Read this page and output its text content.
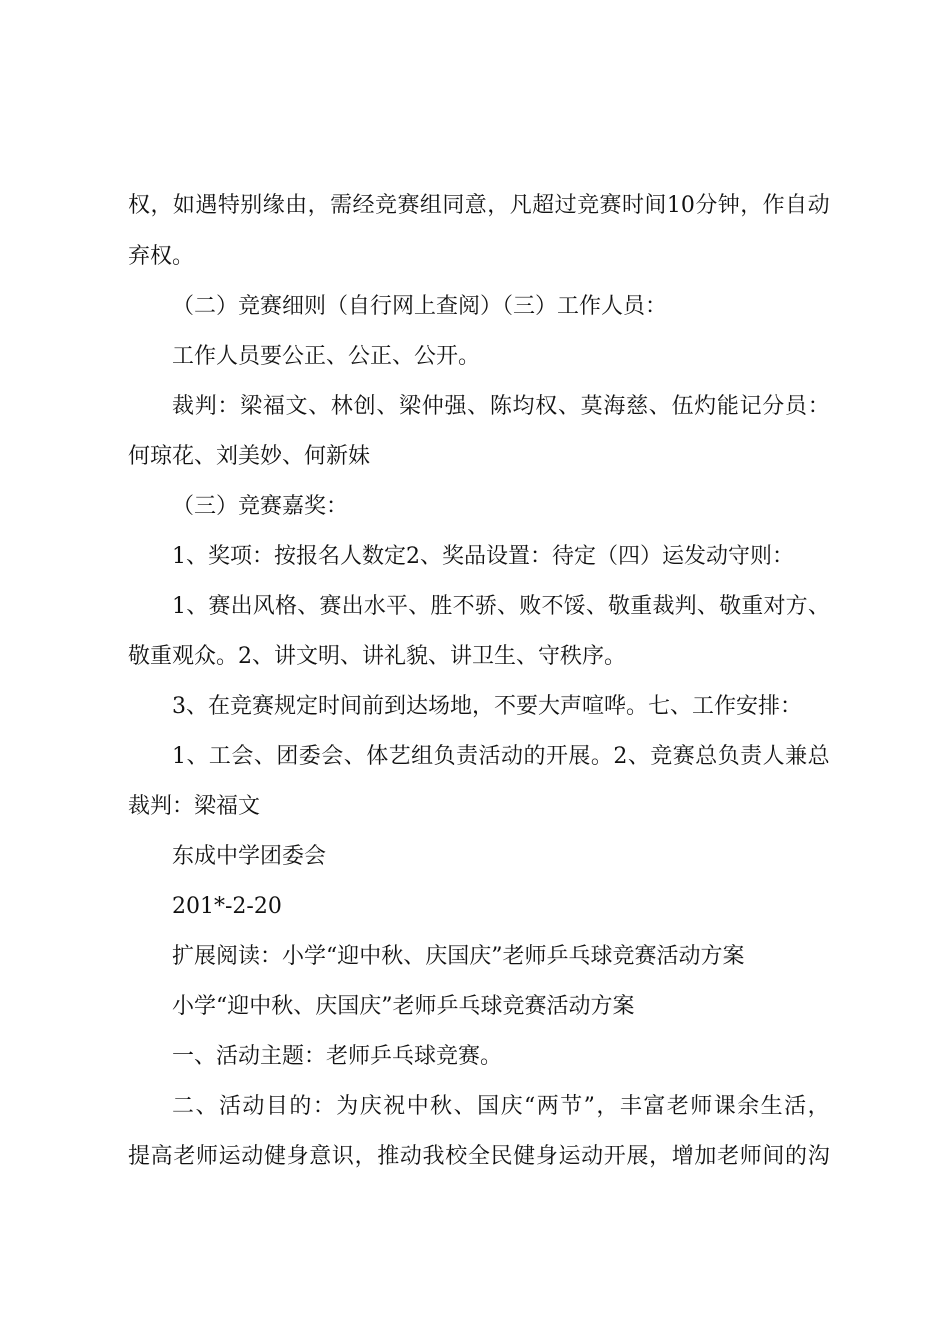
权 ， 如 遇 特 别 缘 由 ， 需 经 竞 赛 组 同 意 ， 凡 超 过 竞 赛 时 间 10 分 钟 ， 作 自 动
弃权。
（二）竞赛细则（自行网上查阅）（三）工作人员：
工作人员要公正、公正、公开。
裁 判 ： 梁 福 文 、 林 创 、 梁 仲 强 、 陈 均 权 、 莫 海 慈 、 伍 灼 能 记 分 员 ：
何琼花、刘美妙、何新妹
（三）竞赛嘉奖：
1、奖项：按报名人数定2、奖品设置：待定（四）运发动守则：
1 、 赛 出 风 格 、 赛 出 水 平 、 胜 不 骄 、 败 不 馁 、 敬 重 裁 判 、 敬 重 对 方 、
敬重观众。2、讲文明、讲礼貌、讲卫生、守秩序。
3、在竞赛规定时间前到达场地，不要大声喧哗。七、工作安排：
1 、 工 会 、 团 委 会 、 体 艺 组 负 责 活 动 的 开 展 。 2 、 竞 赛 总 负 责 人 兼 总
裁判：梁福文
东成中学团委会
201*-2-20
扩展阅读：小学“迎中秋、庆国庆”老师乒乓球竞赛活动方案
小学“迎中秋、庆国庆”老师乒乓球竞赛活动方案
一、活动主题：老师乒乓球竞赛。
二 、 活 动 目 的 ： 为 庆 祝 中 秋 、 国 庆 “ 两 节 ” ， 丰 富 老 师 课 余 生 活 ，
提 高 老 师 运 动 健 身 意 识 ， 推 动 我 校 全 民 健 身 运 动 开 展 ， 增 加 老 师 间 的 沟
